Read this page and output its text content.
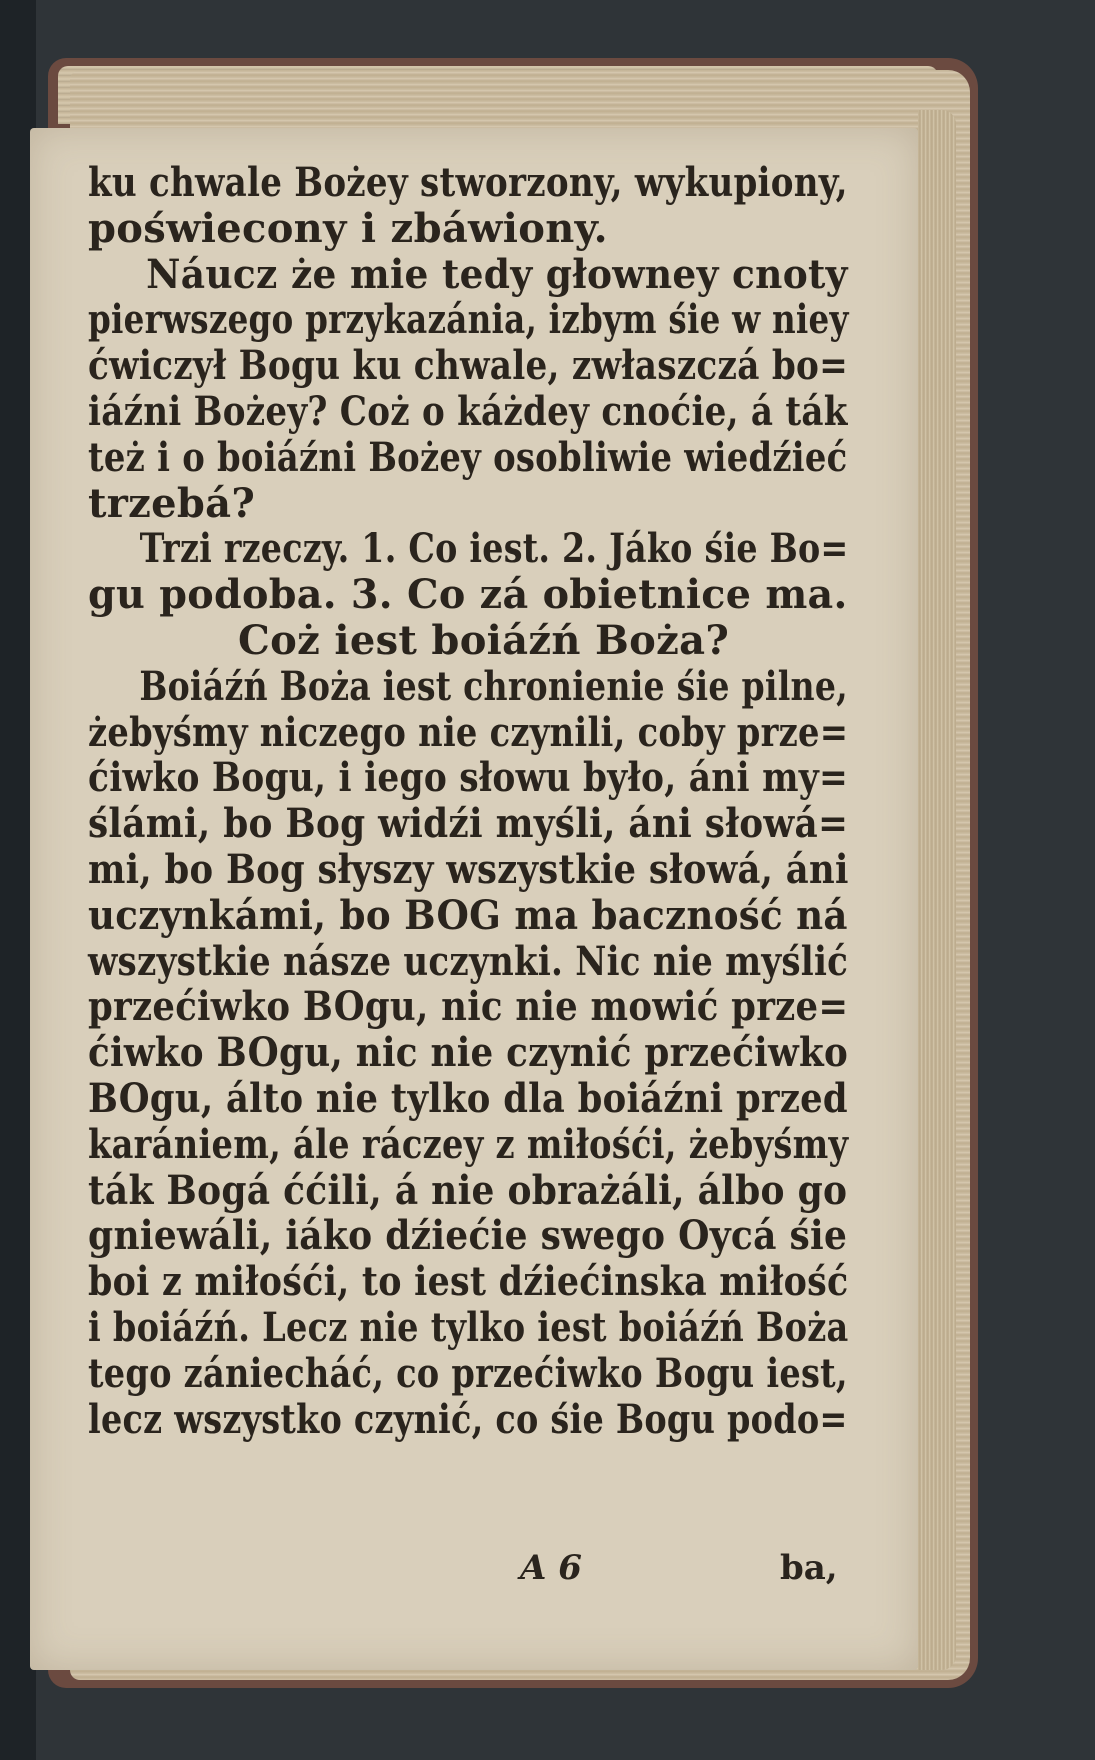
ku chwale Bożey stworzony, wykupiony,
poświecony i zbáwiony.
Náucz że mie tedy głowney cnoty
pierwszego przykazánia, izbym śie w niey
ćwiczył Bogu ku chwale, zwłaszczá bo=
iáźni Bożey? Coż o káżdey cnoćie, á ták
też i o boiáźni Bożey osobliwie wiedźieć
trzebá?
Trzi rzeczy. 1. Co iest. 2. Jáko śie Bo=
gu podoba. 3. Co zá obietnice ma.
Coż iest boiáźń Boża?
Boiáźń Boża iest chronienie śie pilne,
żebyśmy niczego nie czynili, coby prze=
ćiwko Bogu, i iego słowu było, áni my=
ślámi, bo Bog widźi myśli, áni słowá=
mi, bo Bog słyszy wszystkie słowá, áni
uczynkámi, bo BOG ma baczność ná
wszystkie násze uczynki. Nic nie myślić
przećiwko BOgu, nic nie mowić prze=
ćiwko BOgu, nic nie czynić przećiwko
BOgu, álto nie tylko dla boiáźni przed
karániem, ále ráczey z miłośći, żebyśmy
ták Bogá ććili, á nie obrażáli, álbo go
gniewáli, iáko dźiećie swego Oycá śie
boi z miłośći, to iest dźiećinska miłość
i boiáźń. Lecz nie tylko iest boiáźń Boża
tego zániecháć, co przećiwko Bogu iest,
lecz wszystko czynić, co śie Bogu podo=
A 6	ba,
